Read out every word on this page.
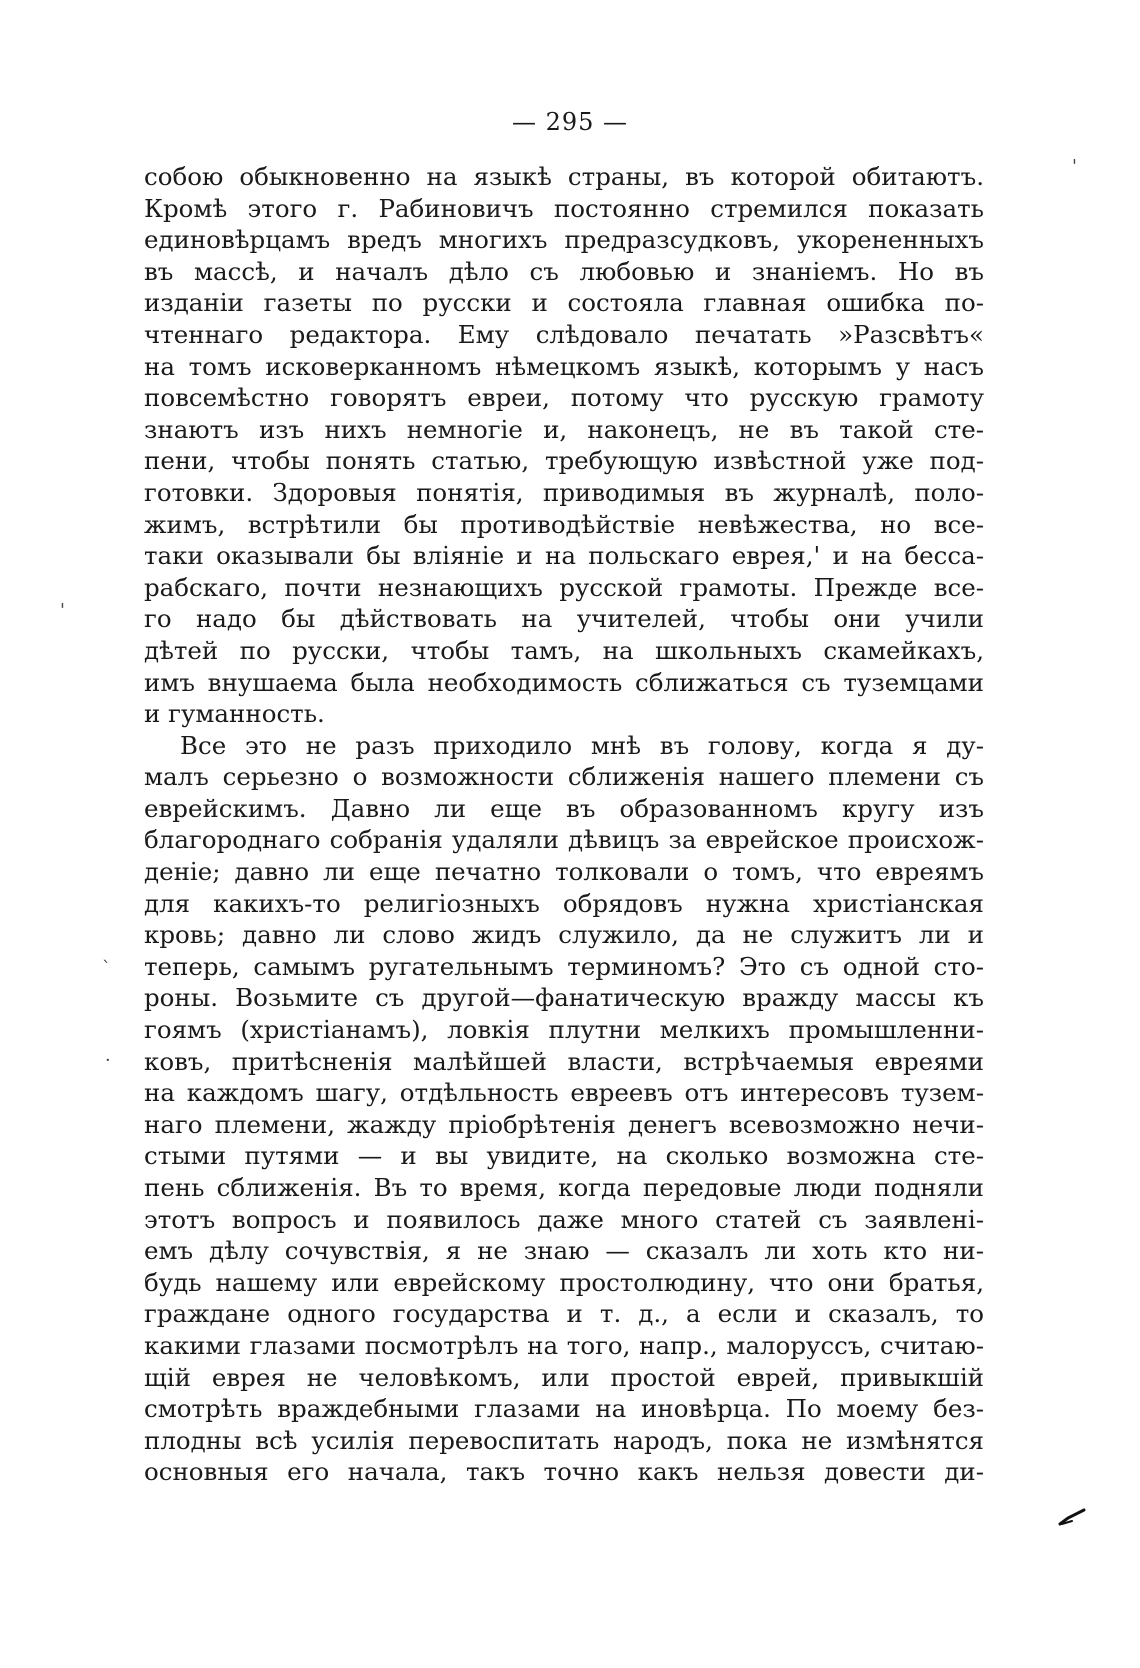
— 295 —
собою обыкновенно на языкѣ страны, въ которой обитаютъ.
Кромѣ этого г. Рабиновичъ постоянно стремился показать
единовѣрцамъ вредъ многихъ предразсудковъ, укорененныхъ
въ массѣ, и началъ дѣло съ любовью и знаніемъ. Но въ
изданіи газеты по русски и состояла главная ошибка по-
чтеннаго редактора. Ему слѣдовало печатать »Разсвѣтъ«
на томъ исковерканномъ нѣмецкомъ языкѣ, которымъ у насъ
повсемѣстно говорятъ евреи, потому что русскую грамоту
знаютъ изъ нихъ немногіе и, наконецъ, не въ такой сте-
пени, чтобы понять статью, требующую извѣстной уже под-
готовки. Здоровыя понятія, приводимыя въ журналѣ, поло-
жимъ, встрѣтили бы противодѣйствіе невѣжества, но все-
таки оказывали бы вліяніе и на польскаго еврея,' и на бесса-
рабскаго, почти незнающихъ русской грамоты. Прежде все-
го надо бы дѣйствовать на учителей, чтобы они учили
дѣтей по русски, чтобы тамъ, на школьныхъ скамейкахъ,
имъ внушаема была необходимость сближаться съ туземцами
и гуманность.
Все это не разъ приходило мнѣ въ голову, когда я ду-
малъ серьезно о возможности сближенія нашего племени съ
еврейскимъ. Давно ли еще въ образованномъ кругу изъ
благороднаго собранія удаляли дѣвицъ за еврейское происхож-
деніе; давно ли еще печатно толковали о томъ, что евреямъ
для какихъ-то религіозныхъ обрядовъ нужна христіанская
кровь; давно ли слово жидъ служило, да не служитъ ли и
теперь, самымъ ругательнымъ терминомъ? Это съ одной сто-
роны. Возьмите съ другой—фанатическую вражду массы къ
гоямъ (христіанамъ), ловкія плутни мелкихъ промышленни-
ковъ, притѣсненія малѣйшей власти, встрѣчаемыя евреями
на каждомъ шагу, отдѣльность евреевъ отъ интересовъ тузем-
наго племени, жажду пріобрѣтенія денегъ всевозможно нечи-
стыми путями — и вы увидите, на сколько возможна сте-
пень сближенія. Въ то время, когда передовые люди подняли
этотъ вопросъ и появилось даже много статей съ заявлені-
емъ дѣлу сочувствія, я не знаю — сказалъ ли хоть кто ни-
будь нашему или еврейскому простолюдину, что они братья,
граждане одного государства и т. д., а если и сказалъ, то
какими глазами посмотрѣлъ на того, напр., малоруссъ, считаю-
щій еврея не человѣкомъ, или простой еврей, привыкшій
смотрѣть враждебными глазами на иновѣрца. По моему без-
плодны всѣ усилія перевоспитать народъ, пока не измѣнятся
основныя его начала, такъ точно какъ нельзя довести ди-
'
'
`
·
